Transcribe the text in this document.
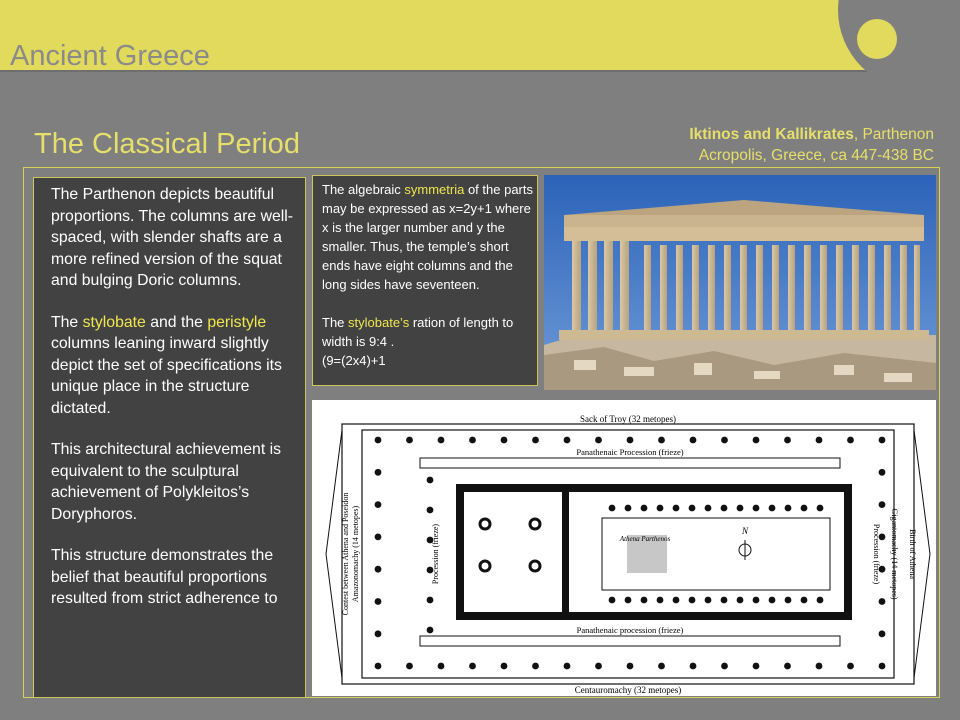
Ancient Greece
The Classical Period	Iktinos and Kallikrates, Parthenon
Acropolis, Greece, ca 447-438 BC

The Parthenon depicts beautiful proportions. The columns are well-spaced, with slender shafts are a more refined version of the squat and bulging Doric columns.

The stylobate and the peristyle columns leaning inward slightly depict the set of specifications its unique place in the structure dictated.

This architectural achievement is equivalent to the sculptural achievement of Polykleitos’s Doryphoros.

This structure demonstrates the belief that beautiful proportions resulted from strict adherence to

The algebraic symmetria of the parts may be expressed as x=2y+1 where x is the larger number and y the smaller. Thus, the temple’s short ends have eight columns and the long sides have seventeen.

The stylobate’s ration of length to width is 9:4 .

(9=(2x4)+1

Sack of Troy (32 metopes)
Centauromachy (32 metopes)
Panathenaic Procession (frieze)
Panathenaic procession (frieze)
Athena Parthenos
N
Contest between Athena and Poseidon Amazonomachy (14 metopes)	Procession (frieze)	Procession (frieze) Gigantomachy (14 metopes) Birth of Athena
